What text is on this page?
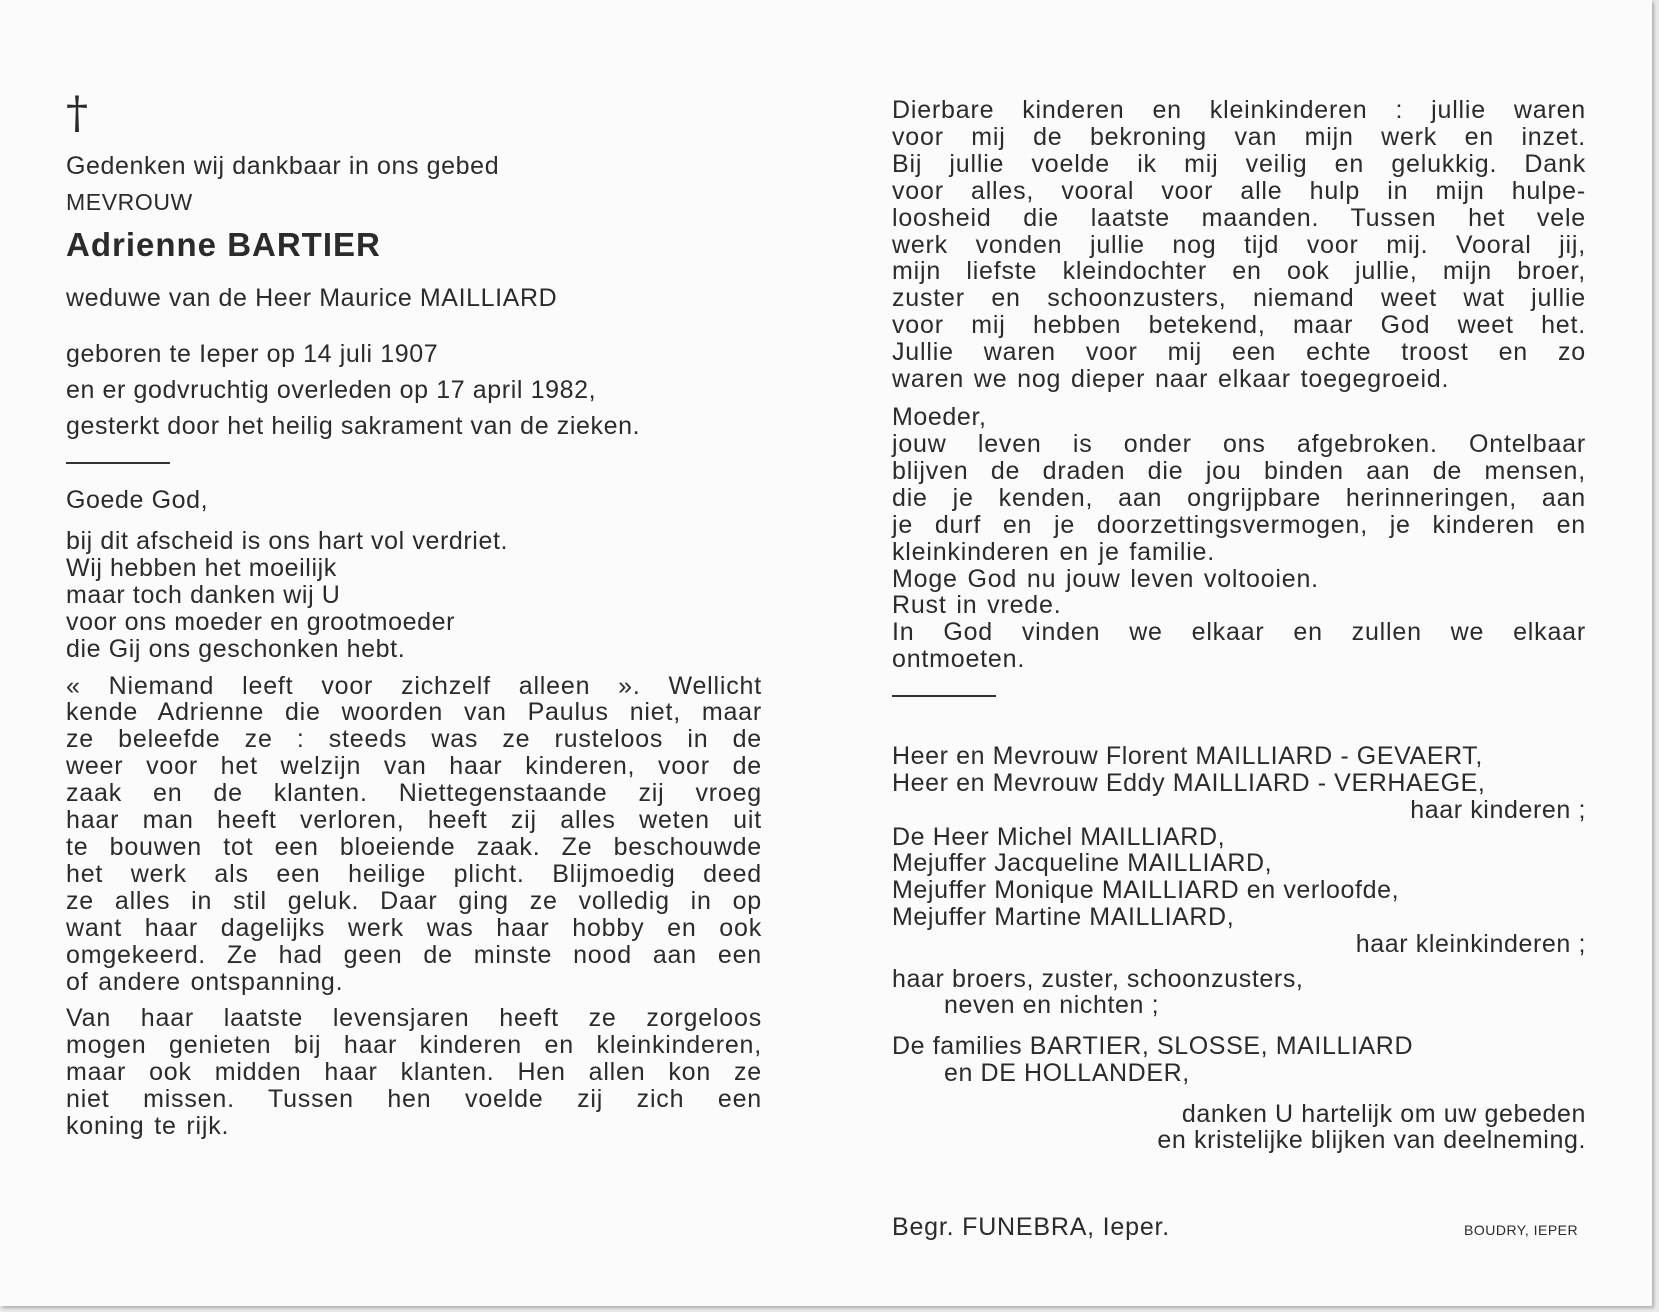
†
Gedenken wij dankbaar in ons gebed
MEVROUW
Adrienne BARTIER
weduwe van de Heer Maurice MAILLIARD
geboren te Ieper op 14 juli 1907
en er godvruchtig overleden op 17 april 1982,
gesterkt door het heilig sakrament van de zieken.
Goede God,
bij dit afscheid is ons hart vol verdriet.
Wij hebben het moeilijk
maar toch danken wij U
voor ons moeder en grootmoeder
die Gij ons geschonken hebt.
« Niemand leeft voor zichzelf alleen ». Wellicht
kende Adrienne die woorden van Paulus niet, maar
ze beleefde ze : steeds was ze rusteloos in de
weer voor het welzijn van haar kinderen, voor de
zaak en de klanten. Niettegenstaande zij vroeg
haar man heeft verloren, heeft zij alles weten uit
te bouwen tot een bloeiende zaak. Ze beschouwde
het werk als een heilige plicht. Blijmoedig deed
ze alles in stil geluk. Daar ging ze volledig in op
want haar dagelijks werk was haar hobby en ook
omgekeerd. Ze had geen de minste nood aan een
of andere ontspanning.
Van haar laatste levensjaren heeft ze zorgeloos
mogen genieten bij haar kinderen en kleinkinderen,
maar ook midden haar klanten. Hen allen kon ze
niet missen. Tussen hen voelde zij zich een
koning te rijk.
Dierbare kinderen en kleinkinderen : jullie waren
voor mij de bekroning van mijn werk en inzet.
Bij jullie voelde ik mij veilig en gelukkig. Dank
voor alles, vooral voor alle hulp in mijn hulpe-
loosheid die laatste maanden. Tussen het vele
werk vonden jullie nog tijd voor mij. Vooral jij,
mijn liefste kleindochter en ook jullie, mijn broer,
zuster en schoonzusters, niemand weet wat jullie
voor mij hebben betekend, maar God weet het.
Jullie waren voor mij een echte troost en zo
waren we nog dieper naar elkaar toegegroeid.
Moeder,
jouw leven is onder ons afgebroken. Ontelbaar
blijven de draden die jou binden aan de mensen,
die je kenden, aan ongrijpbare herinneringen, aan
je durf en je doorzettingsvermogen, je kinderen en
kleinkinderen en je familie.
Moge God nu jouw leven voltooien.
Rust in vrede.
In God vinden we elkaar en zullen we elkaar
ontmoeten.
Heer en Mevrouw Florent MAILLIARD - GEVAERT,
Heer en Mevrouw Eddy MAILLIARD - VERHAEGE,
haar kinderen ;
De Heer Michel MAILLIARD,
Mejuffer Jacqueline MAILLIARD,
Mejuffer Monique MAILLIARD en verloofde,
Mejuffer Martine MAILLIARD,
haar kleinkinderen ;
haar broers, zuster, schoonzusters,
neven en nichten ;
De families BARTIER, SLOSSE, MAILLIARD
en DE HOLLANDER,
danken U hartelijk om uw gebeden
en kristelijke blijken van deelneming.
Begr. FUNEBRA, Ieper.	BOUDRY, IEPER
